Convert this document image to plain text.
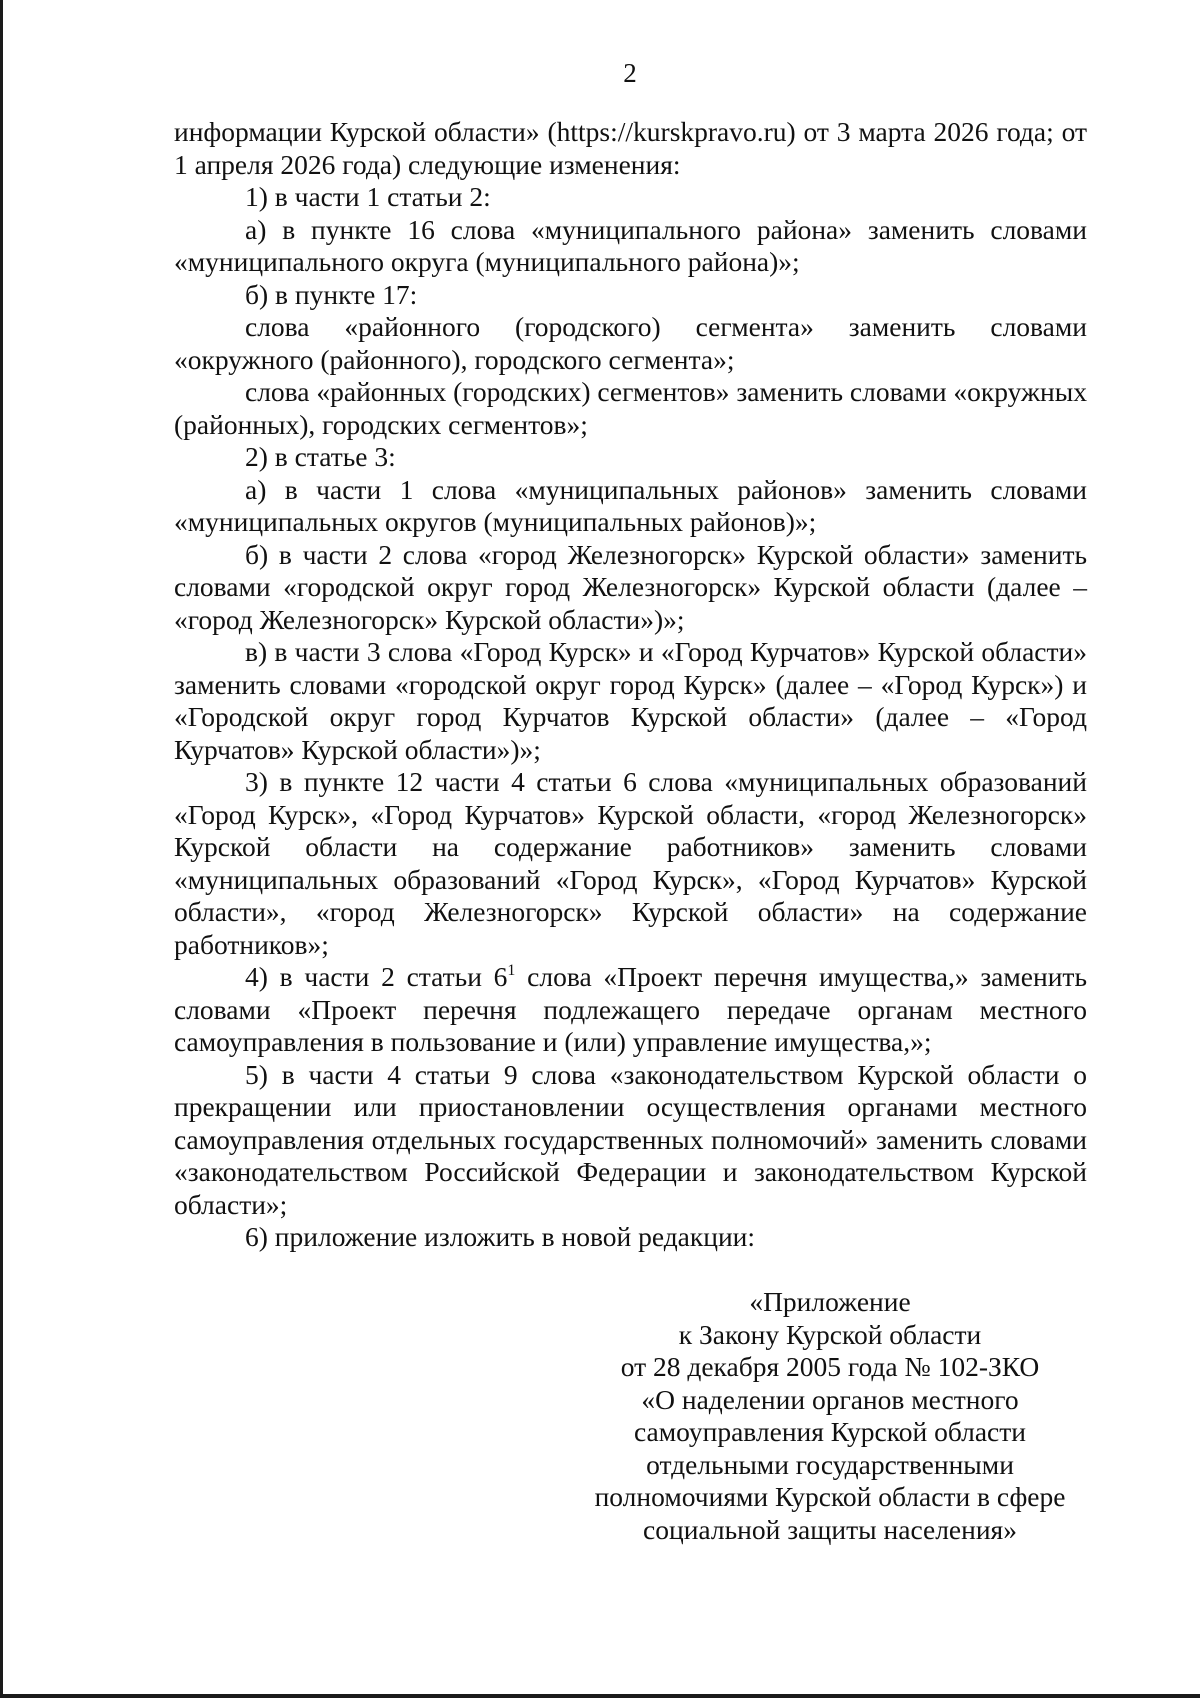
2

информации Курской области» (https://kurskpravo.ru) от 3 марта 2026 года; от 1 апреля 2026 года) следующие изменения:

1) в части 1 статьи 2:

а) в пункте 16 слова «муниципального района» заменить словами «муниципального округа (муниципального района)»;

б) в пункте 17:

слова «районного (городского) сегмента» заменить словами «окружного (районного), городского сегмента»;

слова «районных (городских) сегментов» заменить словами «окружных (районных), городских сегментов»;

2) в статье 3:

а) в части 1 слова «муниципальных районов» заменить словами «муниципальных округов (муниципальных районов)»;

б) в части 2 слова «город Железногорск» Курской области» заменить словами «городской округ город Железногорск» Курской области (далее – «город Железногорск» Курской области»)»;

в) в части 3 слова «Город Курск» и «Город Курчатов» Курской области» заменить словами «городской округ город Курск» (далее – «Город Курск») и «Городской округ город Курчатов Курской области» (далее – «Город Курчатов» Курской области»)»;

3) в пункте 12 части 4 статьи 6 слова «муниципальных образований «Город Курск», «Город Курчатов» Курской области, «город Железногорск» Курской области на содержание работников» заменить словами «муниципальных образований «Город Курск», «Город Курчатов» Курской области», «город Железногорск» Курской области» на содержание работников»;

4) в части 2 статьи $6^1$ слова «Проект перечня имущества,» заменить словами «Проект перечня подлежащего передаче органам местного самоуправления в пользование и (или) управление имущества,»;

5) в части 4 статьи 9 слова «законодательством Курской области о прекращении или приостановлении осуществления органами местного самоуправления отдельных государственных полномочий» заменить словами «законодательством Российской Федерации и законодательством Курской области»;

6) приложение изложить в новой редакции:

«Приложение
к Закону Курской области
от 28 декабря 2005 года № 102-ЗКО
«О наделении органов местного
самоуправления Курской области
отдельными государственными
полномочиями Курской области в сфере
социальной защиты населения»
